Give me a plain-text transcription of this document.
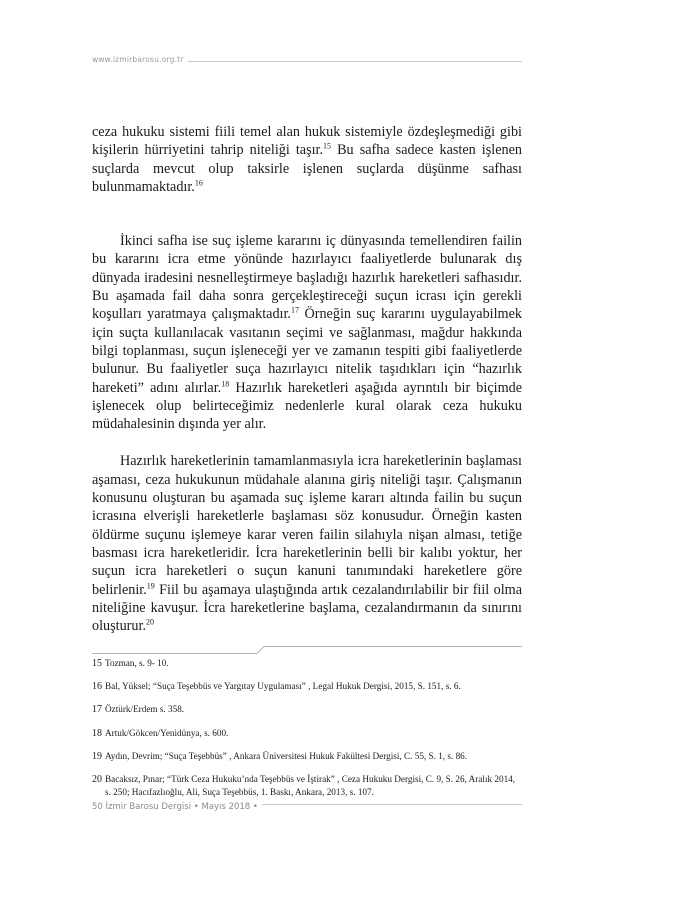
www.izmirbarosu.org.tr

ceza hukuku sistemi fiili temel alan hukuk sistemiyle özdeşleşmediği gibi kişilerin hürriyetini tahrip niteliği taşır.$^{15}$ Bu safha sadece kasten işlenen suçlarda mevcut olup taksirle işlenen suçlarda düşünme safhası bulunmamaktadır.$^{16}$

İkinci safha ise suç işleme kararını iç dünyasında temellendiren failin bu kararını icra etme yönünde hazırlayıcı faaliyetlerde bulunarak dış dünyada iradesini nesnelleştirmeye başladığı hazırlık hareketleri safhasıdır. Bu aşamada fail daha sonra gerçekleştireceği suçun icrası için gerekli koşulları yaratmaya çalışmaktadır.$^{17}$ Örneğin suç kararını uygulayabilmek için suçta kullanılacak vasıtanın seçimi ve sağlanması, mağdur hakkında bilgi toplanması, suçun işleneceği yer ve zamanın tespiti gibi faaliyetlerde bulunur. Bu faaliyetler suça hazırlayıcı nitelik taşıdıkları için “hazırlık hareketi” adını alırlar.$^{18}$ Hazırlık hareketleri aşağıda ayrıntılı bir biçimde işlenecek olup belirteceğimiz nedenlerle kural olarak ceza hukuku müdahalesinin dışında yer alır.

Hazırlık hareketlerinin tamamlanmasıyla icra hareketlerinin başlaması aşaması, ceza hukukunun müdahale alanına giriş niteliği taşır. Çalışmanın konusunu oluşturan bu aşamada suç işleme kararı altında failin bu suçun icrasına elverişli hareketlerle başlaması söz konusudur. Örneğin kasten öldürme suçunu işlemeye karar veren failin silahıyla nişan alması, tetiğe basması icra hareketleridir. İcra hareketlerinin belli bir kalıbı yoktur, her suçun icra hareketleri o suçun kanuni tanımındaki hareketlere göre belirlenir.$^{19}$ Fiil bu aşamaya ulaştığında artık cezalandırılabilir bir fiil olma niteliğine kavuşur. İcra hareketlerine başlama, cezalandırmanın da sınırını oluşturur.$^{20}$

15 Tozman, s. 9- 10.

16 Bal, Yüksel; “Suça Teşebbüs ve Yargıtay Uygulaması” , Legal Hukuk Dergisi, 2015, S. 151, s. 6.

17 Öztürk/Erdem s. 358.

18 Artuk/Gökcen/Yenidünya, s. 600.

19 Aydın, Devrim; “Suça Teşebbüs” , Ankara Üniversitesi Hukuk Fakültesi Dergisi, C. 55, S. 1, s. 86.

20 Bacaksız, Pınar; “Türk Ceza Hukuku’nda Teşebbüs ve İştirak” , Ceza Hukuku Dergisi, C. 9, S. 26, Aralık 2014, s. 250; Hacıfazlıoğlu, Ali, Suça Teşebbüs, 1. Baskı, Ankara, 2013, s. 107.

50 İzmir Barosu Dergisi • Mayıs 2018 •
